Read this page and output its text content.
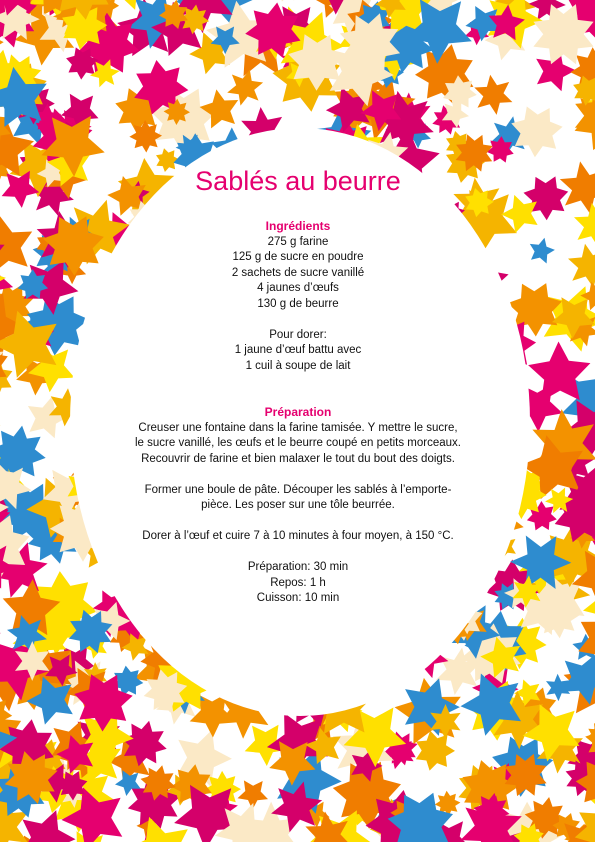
Sablés au beurre
Ingrédients
275 g farine
125 g de sucre en poudre
2 sachets de sucre vanillé
4 jaunes d’œufs
130 g de beurre
Pour dorer:
1 jaune d’œuf battu avec
1 cuil à soupe de lait
Préparation
Creuser une fontaine dans la farine tamisée. Y mettre le sucre,
le sucre vanillé, les œufs et le beurre coupé en petits morceaux.
Recouvrir de farine et bien malaxer le tout du bout des doigts.
Former une boule de pâte. Découper les sablés à l’emporte-
pièce. Les poser sur une tôle beurrée.
Dorer à l’œuf et cuire 7 à 10 minutes à four moyen, à 150 °C.
Préparation: 30 min
Repos: 1 h
Cuisson: 10 min
